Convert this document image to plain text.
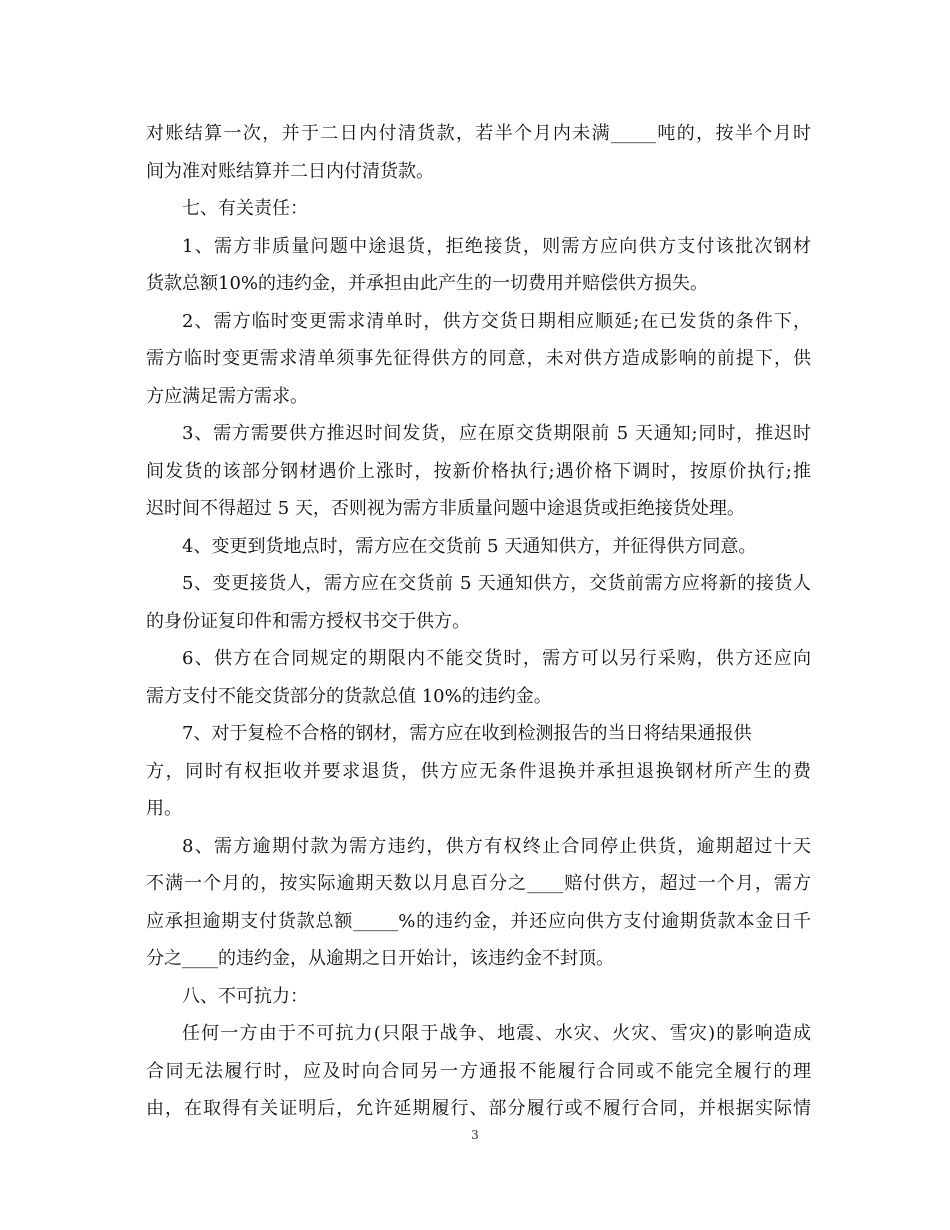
对账结算一次，并于二日内付清货款，若半个月内未满_____吨的，按半个月时
间为准对账结算并二日内付清货款。
七、有关责任：
1、需方非质量问题中途退货，拒绝接货，则需方应向供方支付该批次钢材
货款总额10%的违约金，并承担由此产生的一切费用并赔偿供方损失。
2、需方临时变更需求清单时，供方交货日期相应顺延;在已发货的条件下，
需方临时变更需求清单须事先征得供方的同意，未对供方造成影响的前提下，供
方应满足需方需求。
3、需方需要供方推迟时间发货，应在原交货期限前 5 天通知;同时，推迟时
间发货的该部分钢材遇价上涨时，按新价格执行;遇价格下调时，按原价执行;推
迟时间不得超过 5 天，否则视为需方非质量问题中途退货或拒绝接货处理。
4、变更到货地点时，需方应在交货前 5 天通知供方，并征得供方同意。
5、变更接货人，需方应在交货前 5 天通知供方，交货前需方应将新的接货人
的身份证复印件和需方授权书交于供方。
6、供方在合同规定的期限内不能交货时，需方可以另行采购，供方还应向
需方支付不能交货部分的货款总值 10%的违约金。
7、对于复检不合格的钢材，需方应在收到检测报告的当日将结果通报供
方，同时有权拒收并要求退货，供方应无条件退换并承担退换钢材所产生的费
用。
8、需方逾期付款为需方违约，供方有权终止合同停止供货，逾期超过十天
不满一个月的，按实际逾期天数以月息百分之____赔付供方，超过一个月，需方
应承担逾期支付货款总额_____%的违约金，并还应向供方支付逾期货款本金日千
分之____的违约金，从逾期之日开始计，该违约金不封顶。
八、不可抗力：
任何一方由于不可抗力(只限于战争、地震、水灾、火灾、雪灾)的影响造成
合同无法履行时，应及时向合同另一方通报不能履行合同或不能完全履行的理
由，在取得有关证明后，允许延期履行、部分履行或不履行合同，并根据实际情
3
